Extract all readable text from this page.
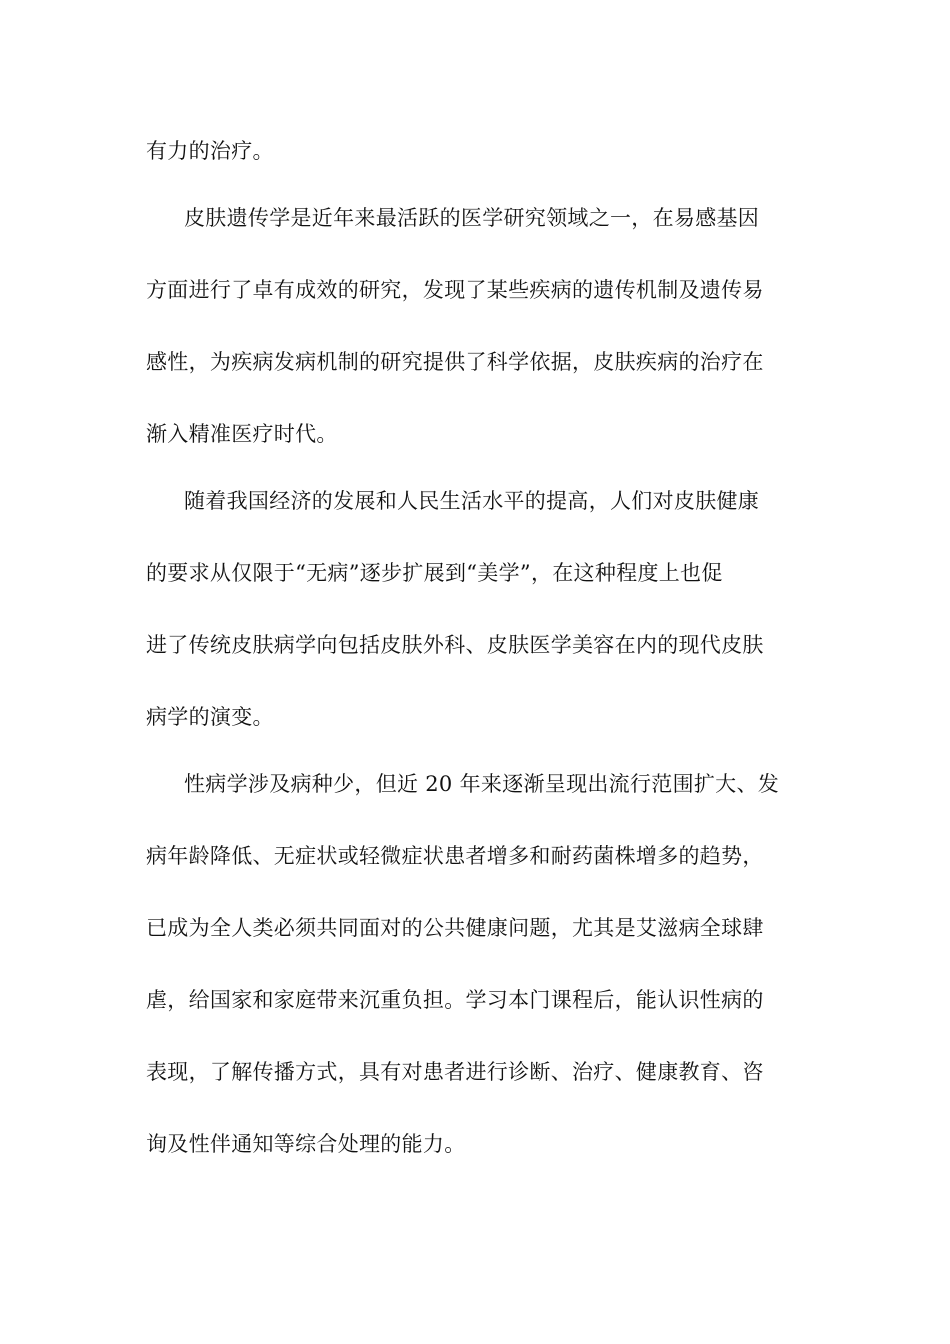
有力的治疗。
皮肤遗传学是近年来最活跃的医学研究领域之一，在易感基因
方面进行了卓有成效的研究，发现了某些疾病的遗传机制及遗传易
感性，为疾病发病机制的研究提供了科学依据，皮肤疾病的治疗在
渐入精准医疗时代。
随着我国经济的发展和人民生活水平的提高，人们对皮肤健康
的要求从仅限于“无病”逐步扩展到“美学”，在这种程度上也促
进了传统皮肤病学向包括皮肤外科、皮肤医学美容在内的现代皮肤
病学的演变。
性病学涉及病种少，但近 20 年来逐渐呈现出流行范围扩大、发
病年龄降低、无症状或轻微症状患者增多和耐药菌株增多的趋势，
已成为全人类必须共同面对的公共健康问题，尤其是艾滋病全球肆
虐，给国家和家庭带来沉重负担。学习本门课程后，能认识性病的
表现，了解传播方式，具有对患者进行诊断、治疗、健康教育、咨
询及性伴通知等综合处理的能力。
